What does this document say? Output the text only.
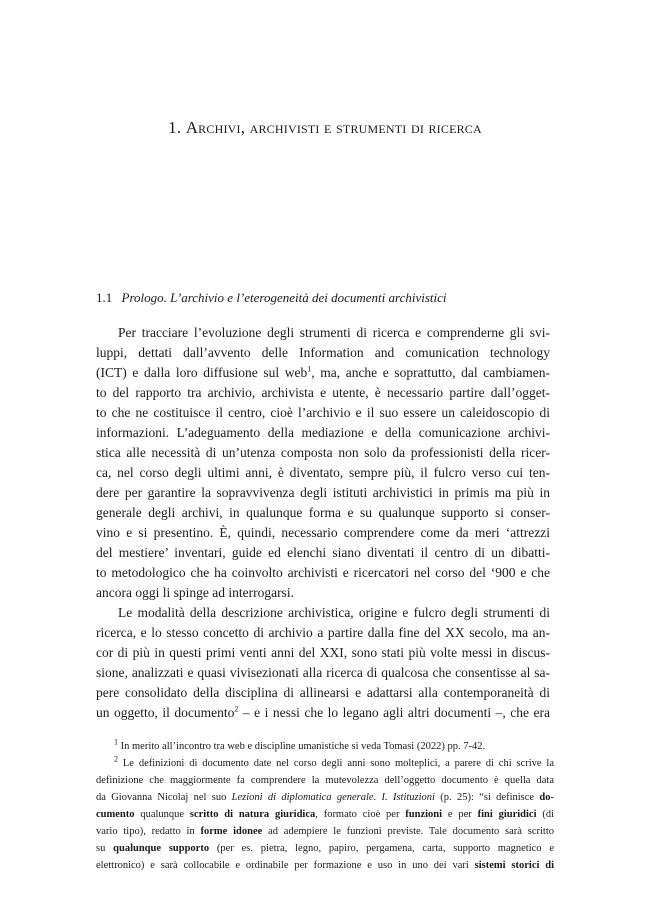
1. Archivi, archivisti e strumenti di ricerca
1.1 Prologo. L’archivio e l’eterogeneità dei documenti archivistici
Per tracciare l’evoluzione degli strumenti di ricerca e comprenderne gli svi-
luppi, dettati dall’avvento delle Information and comunication technology
(ICT) e dalla loro diffusione sul web$^1$, ma, anche e soprattutto, dal cambiamen-
to del rapporto tra archivio, archivista e utente, è necessario partire dall’ogget-
to che ne costituisce il centro, cioè l’archivio e il suo essere un caleidoscopio di
informazioni. L’adeguamento della mediazione e della comunicazione archivi-
stica alle necessità di un’utenza composta non solo da professionisti della ricer-
ca, nel corso degli ultimi anni, è diventato, sempre più, il fulcro verso cui ten-
dere per garantire la sopravvivenza degli istituti archivistici in primis ma più in
generale degli archivi, in qualunque forma e su qualunque supporto si conser-
vino e si presentino. È, quindi, necessario comprendere come da meri ‘attrezzi
del mestiere’ inventari, guide ed elenchi siano diventati il centro di un dibatti-
to metodologico che ha coinvolto archivisti e ricercatori nel corso del ‘900 e che
ancora oggi li spinge ad interrogarsi.
Le modalità della descrizione archivistica, origine e fulcro degli strumenti di
ricerca, e lo stesso concetto di archivio a partire dalla fine del XX secolo, ma an-
cor di più in questi primi venti anni del XXI, sono stati più volte messi in discus-
sione, analizzati e quasi vivisezionati alla ricerca di qualcosa che consentisse al sa-
pere consolidato della disciplina di allinearsi e adattarsi alla contemporaneità di
un oggetto, il documento$^2$ – e i nessi che lo legano agli altri documenti –, che era
$^1$ In merito all’incontro tra web e discipline umanistiche si veda Tomasi (2022) pp. 7-42.
$^2$ Le definizioni di documento date nel corso degli anni sono molteplici, a parere di chi scrive la
definizione che maggiormente fa comprendere la mutevolezza dell’oggetto documento è quella data
da Giovanna Nicolaj nel suo Lezioni di diplomatica generale. I. Istituzioni (p. 25): “si definisce do-
cumento qualunque scritto di natura giuridica, formato cioè per funzioni e per fini giuridici (di
vario tipo), redatto in forme idonee ad adempiere le funzioni previste. Tale documento sarà scritto
su qualunque supporto (per es. pietra, legno, papiro, pergamena, carta, supporto magnetico e
elettronico) e sarà collocabile e ordinabile per formazione e uso in uno dei vari sistemi storici di
